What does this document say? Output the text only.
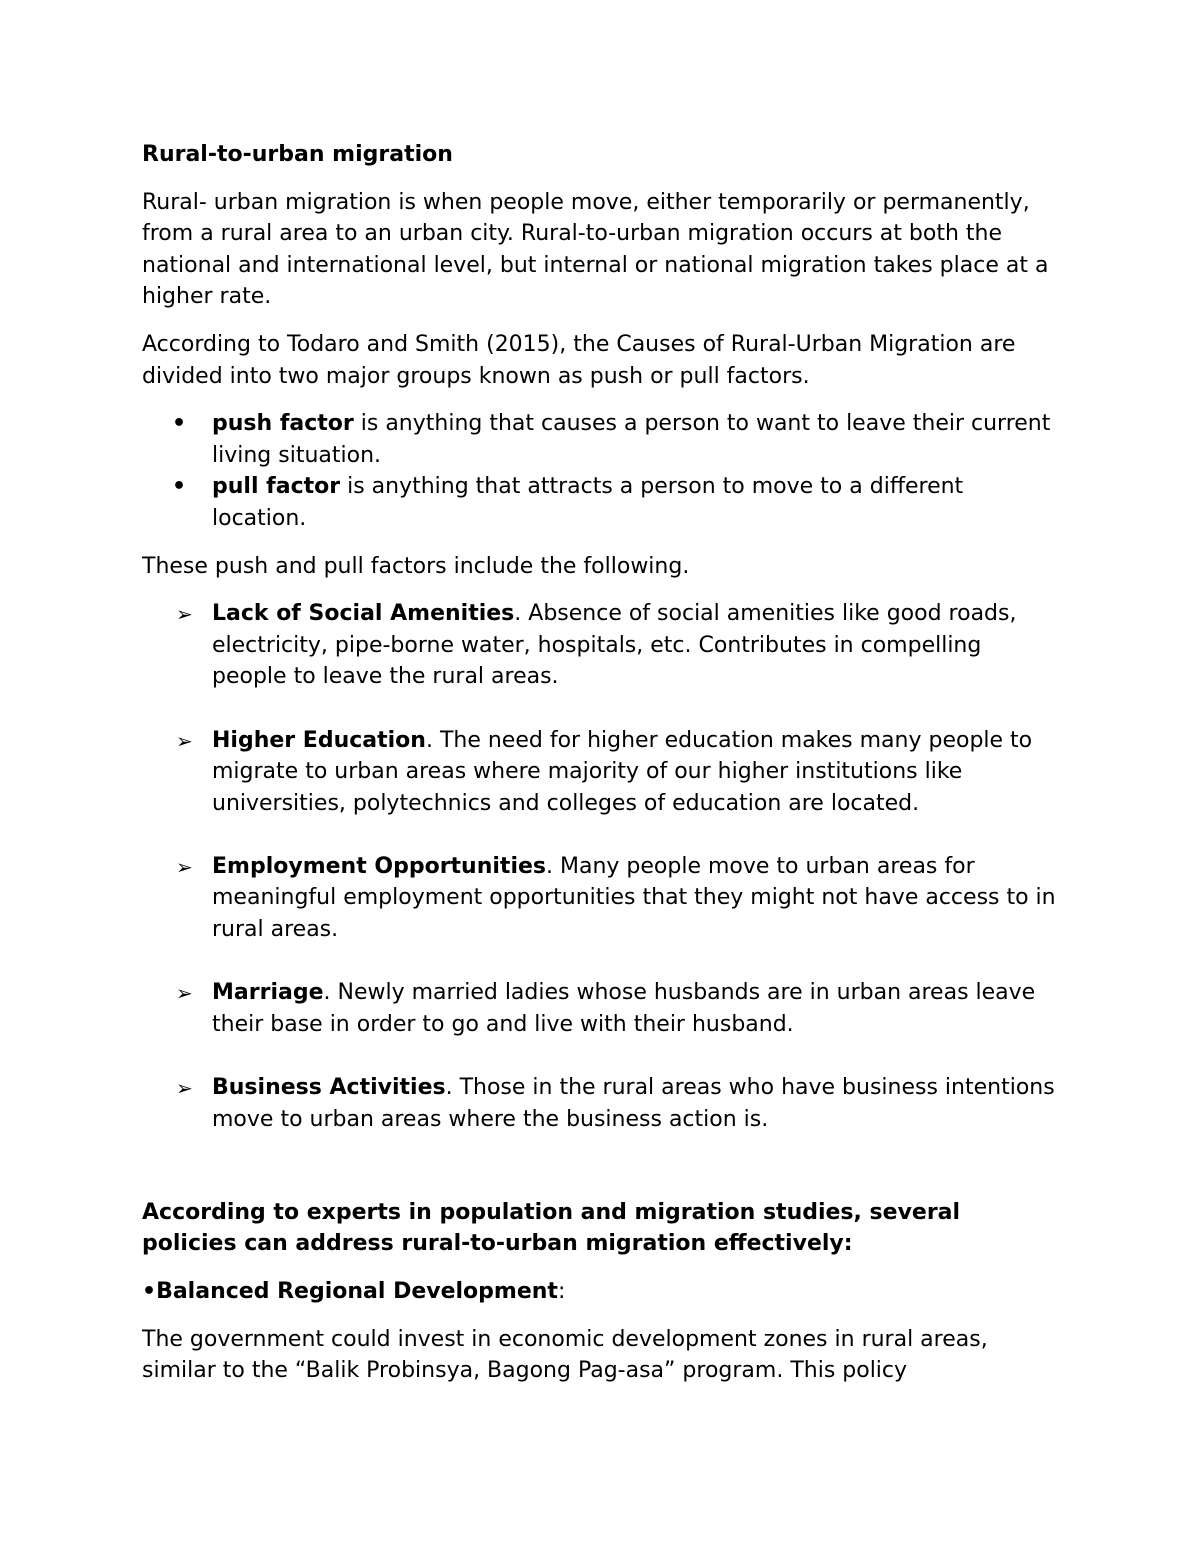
Rural-to-urban migration

Rural- urban migration is when people move, either temporarily or permanently, from a rural area to an urban city. Rural-to-urban migration occurs at both the national and international level, but internal or national migration takes place at a higher rate.

According to Todaro and Smith (2015), the Causes of Rural-Urban Migration are divided into two major groups known as push or pull factors.

• push factor is anything that causes a person to want to leave their current living situation.
• pull factor is anything that attracts a person to move to a different location.

These push and pull factors include the following.

➢ Lack of Social Amenities. Absence of social amenities like good roads, electricity, pipe-borne water, hospitals, etc. Contributes in compelling people to leave the rural areas.
➢ Higher Education. The need for higher education makes many people to migrate to urban areas where majority of our higher institutions like universities, polytechnics and colleges of education are located.
➢ Employment Opportunities. Many people move to urban areas for meaningful employment opportunities that they might not have access to in rural areas.
➢ Marriage. Newly married ladies whose husbands are in urban areas leave their base in order to go and live with their husband.
➢ Business Activities. Those in the rural areas who have business intentions move to urban areas where the business action is.

According to experts in population and migration studies, several policies can address rural-to-urban migration effectively:

•Balanced Regional Development:

The government could invest in economic development zones in rural areas, similar to the “Balik Probinsya, Bagong Pag-asa” program. This policy
